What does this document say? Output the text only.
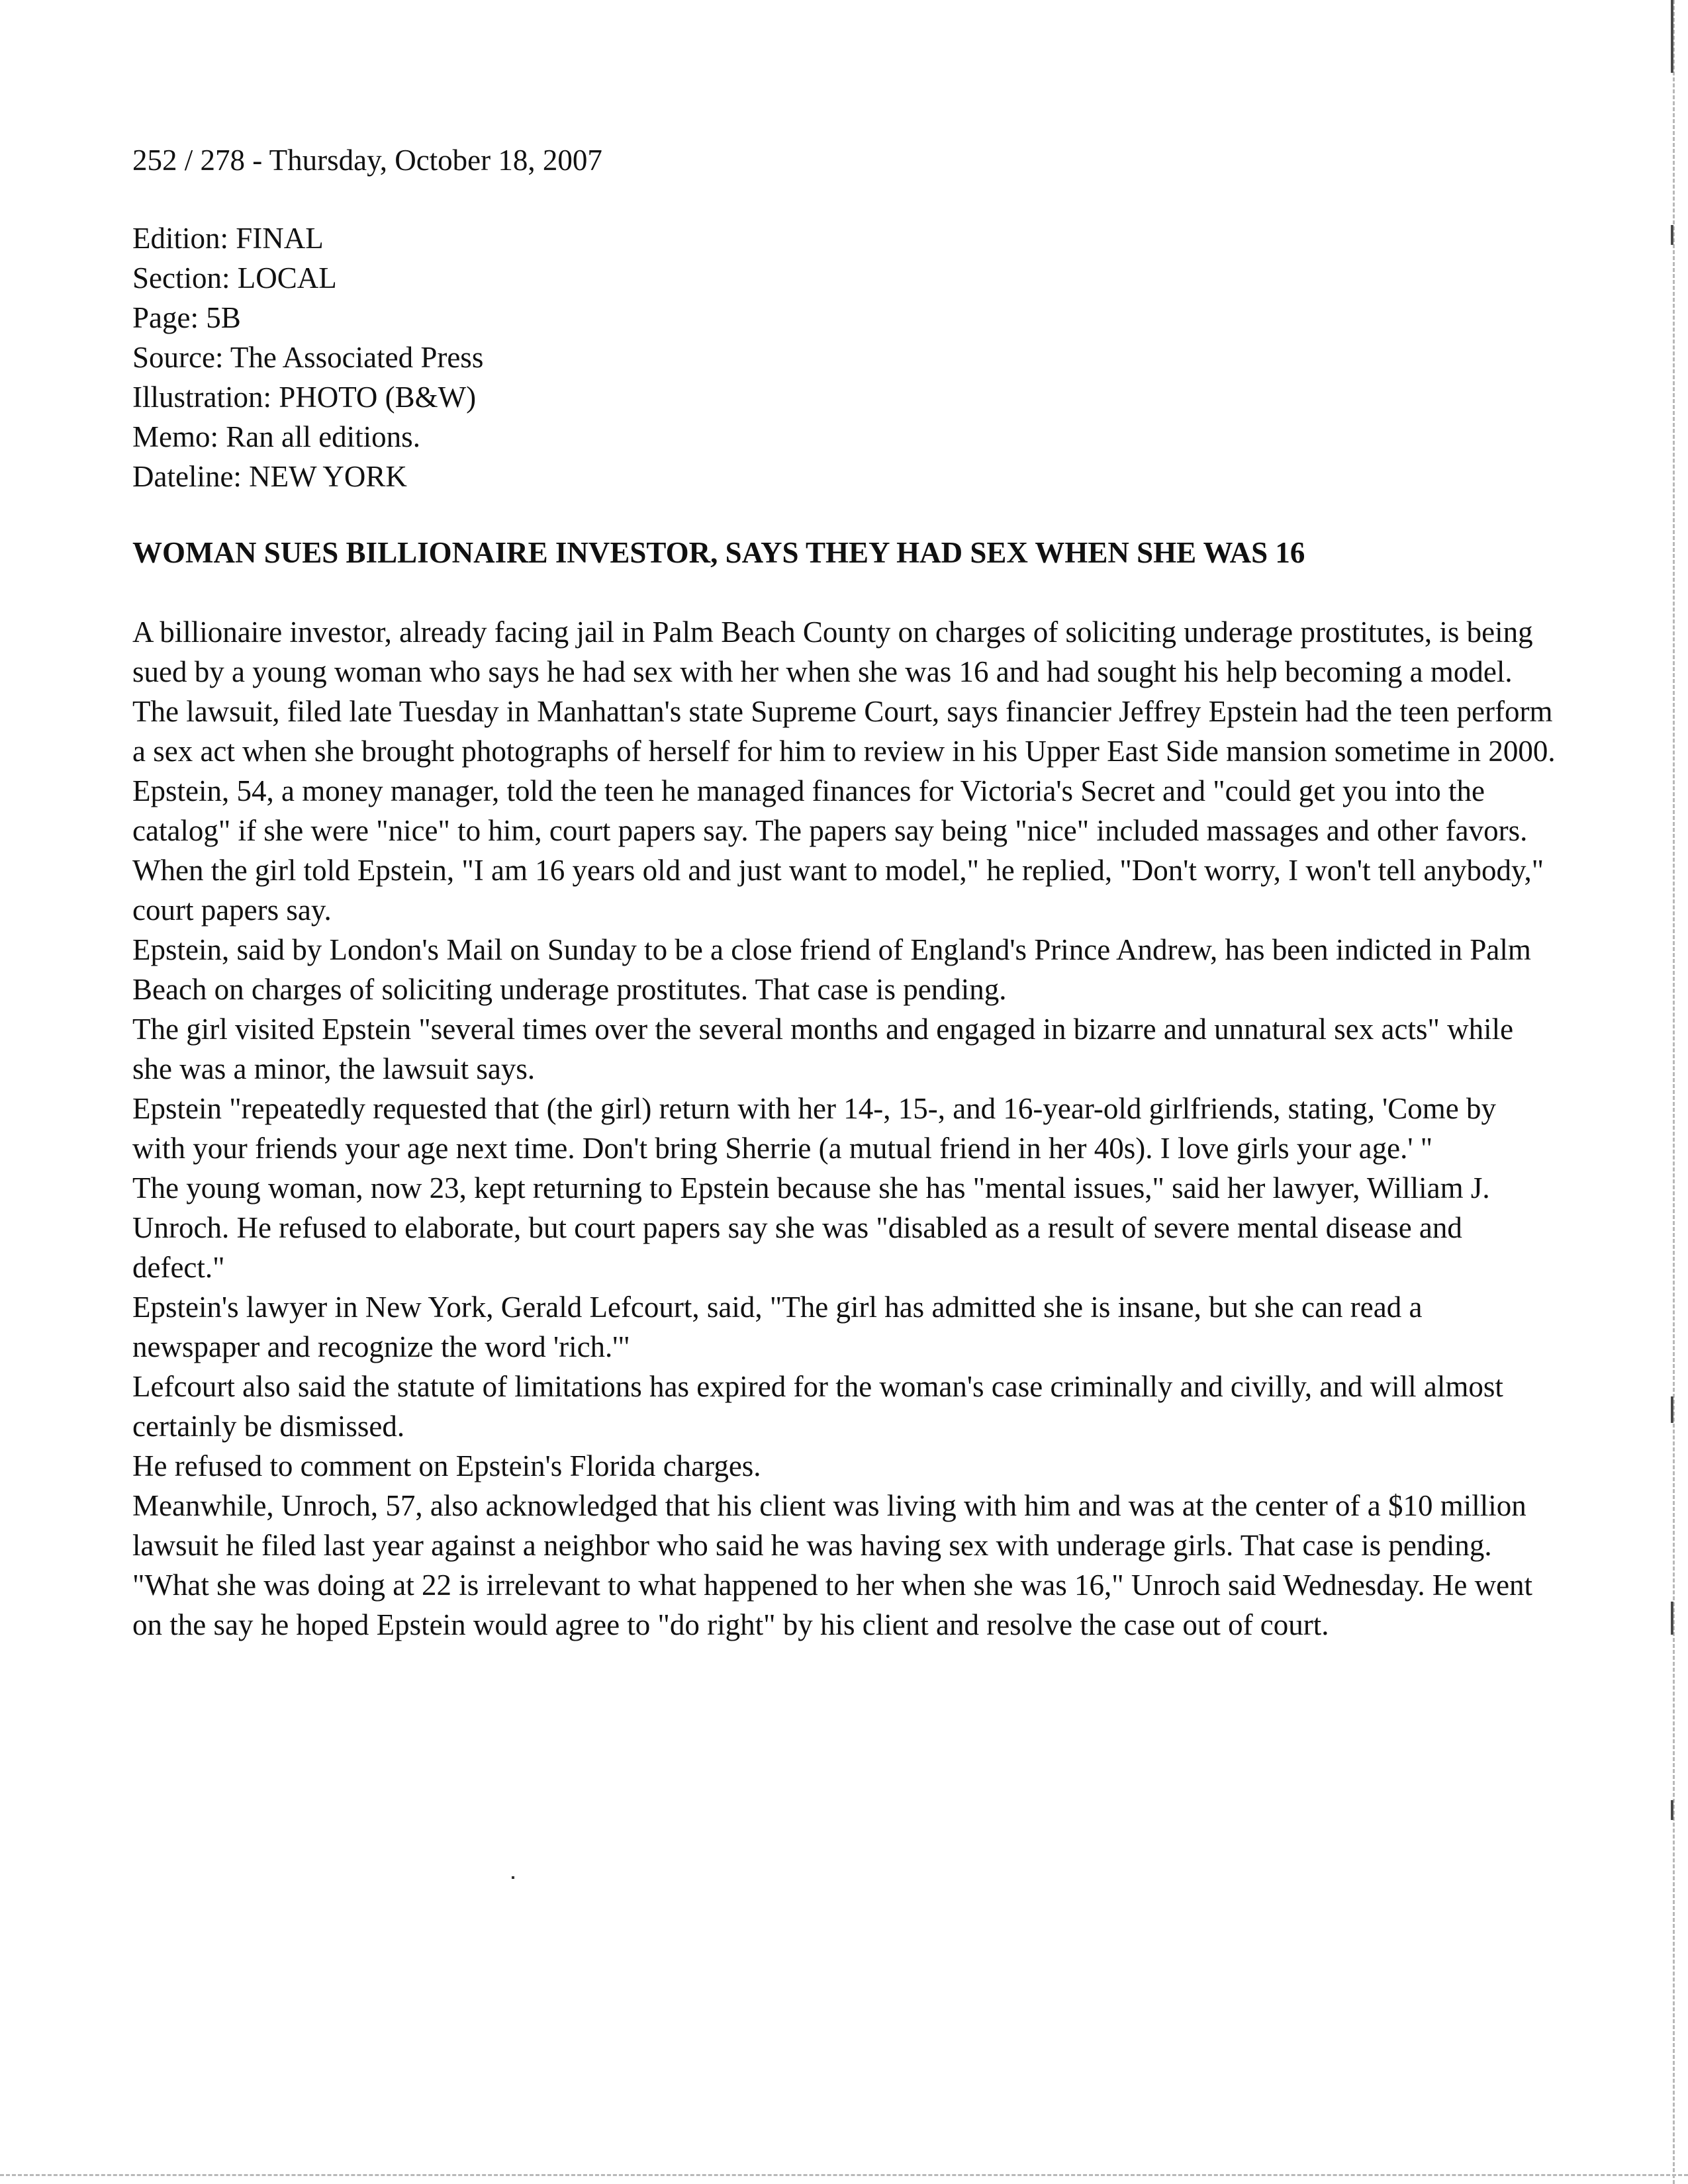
252 / 278 - Thursday, October 18, 2007
Edition: FINAL
Section: LOCAL
Page: 5B
Source: The Associated Press
Illustration: PHOTO (B&W)
Memo: Ran all editions.
Dateline: NEW YORK
WOMAN SUES BILLIONAIRE INVESTOR, SAYS THEY HAD SEX WHEN SHE WAS 16

A billionaire investor, already facing jail in Palm Beach County on charges of soliciting underage prostitutes, is being sued by a young woman who says he had sex with her when she was 16 and had sought his help becoming a model.

The lawsuit, filed late Tuesday in Manhattan's state Supreme Court, says financier Jeffrey Epstein had the teen perform a sex act when she brought photographs of herself for him to review in his Upper East Side mansion sometime in 2000.

Epstein, 54, a money manager, told the teen he managed finances for Victoria's Secret and "could get you into the catalog" if she were "nice" to him, court papers say. The papers say being "nice" included massages and other favors.

When the girl told Epstein, "I am 16 years old and just want to model," he replied, "Don't worry, I won't tell anybody," court papers say.

Epstein, said by London's Mail on Sunday to be a close friend of England's Prince Andrew, has been indicted in Palm Beach on charges of soliciting underage prostitutes. That case is pending.

The girl visited Epstein "several times over the several months and engaged in bizarre and unnatural sex acts" while she was a minor, the lawsuit says.

Epstein "repeatedly requested that (the girl) return with her 14-, 15-, and 16-year-old girlfriends, stating, 'Come by with your friends your age next time. Don't bring Sherrie (a mutual friend in her 40s). I love girls your age.' "

The young woman, now 23, kept returning to Epstein because she has "mental issues," said her lawyer, William J. Unroch. He refused to elaborate, but court papers say she was "disabled as a result of severe mental disease and defect."

Epstein's lawyer in New York, Gerald Lefcourt, said, "The girl has admitted she is insane, but she can read a newspaper and recognize the word 'rich.'"

Lefcourt also said the statute of limitations has expired for the woman's case criminally and civilly, and will almost certainly be dismissed.

He refused to comment on Epstein's Florida charges.

Meanwhile, Unroch, 57, also acknowledged that his client was living with him and was at the center of a $10 million lawsuit he filed last year against a neighbor who said he was having sex with underage girls. That case is pending.

"What she was doing at 22 is irrelevant to what happened to her when she was 16," Unroch said Wednesday. He went on the say he hoped Epstein would agree to "do right" by his client and resolve the case out of court.
